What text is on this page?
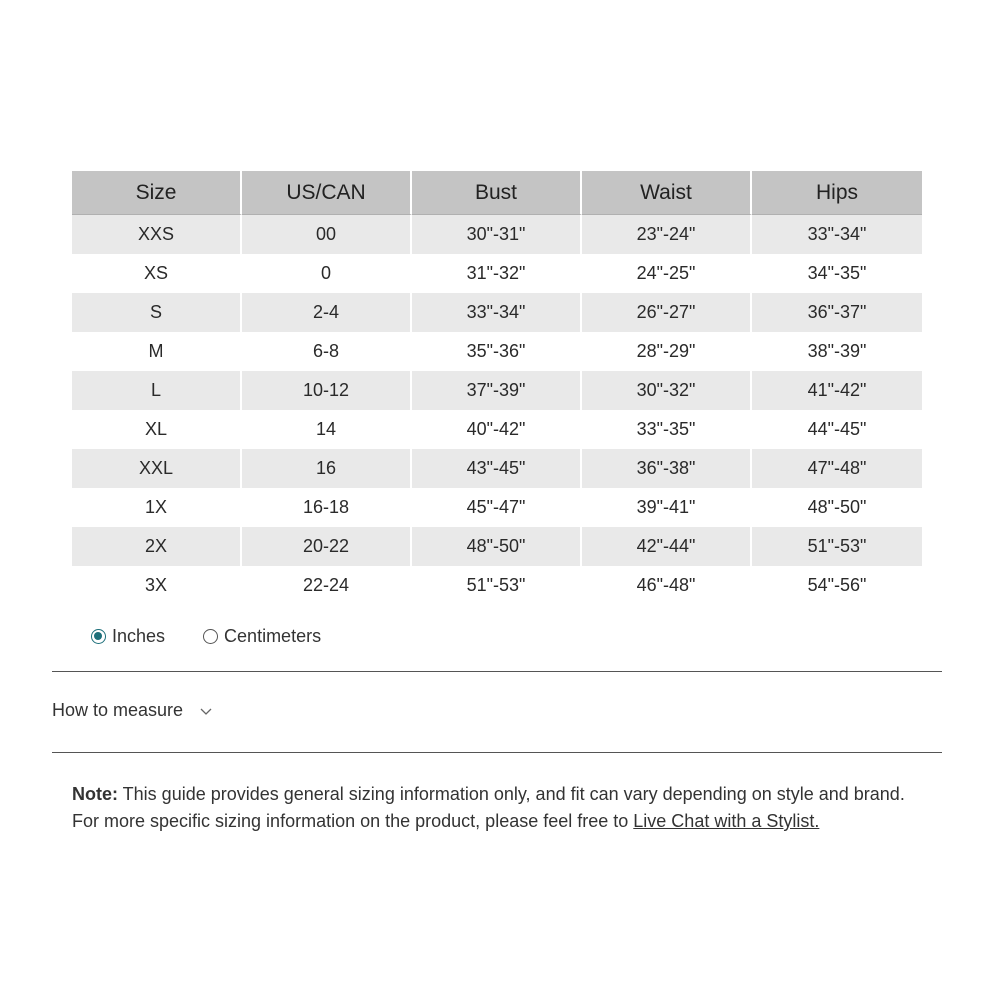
Size	US/CAN	Bust	Waist	Hips
XXS	00	30"-31"	23"-24"	33"-34"
XS	0	31"-32"	24"-25"	34"-35"
S	2-4	33"-34"	26"-27"	36"-37"
M	6-8	35"-36"	28"-29"	38"-39"
L	10-12	37"-39"	30"-32"	41"-42"
XL	14	40"-42"	33"-35"	44"-45"
XXL	16	43"-45"	36"-38"	47"-48"
1X	16-18	45"-47"	39"-41"	48"-50"
2X	20-22	48"-50"	42"-44"	51"-53"
3X	22-24	51"-53"	46"-48"	54"-56"
Inches	Centimeters
How to measure
Note: This guide provides general sizing information only, and fit can vary depending on style and brand. For more specific sizing information on the product, please feel free to Live Chat with a Stylist.
